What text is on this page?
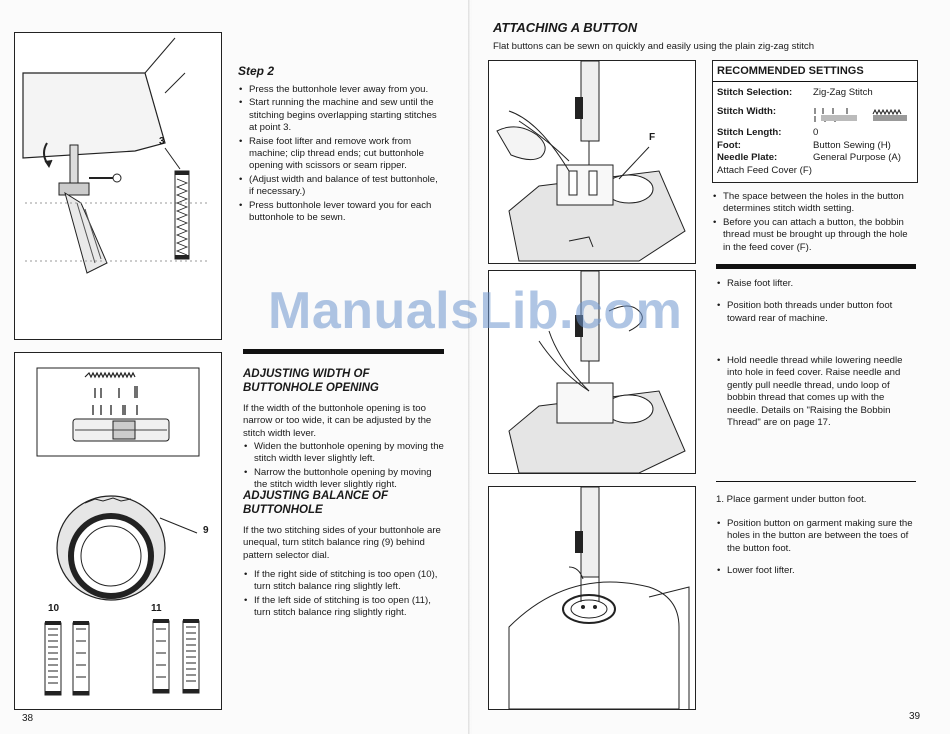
3
9
10	11
Step 2
• Press the buttonhole lever away from you.
• Start running the machine and sew until the stitching begins overlapping starting stitches at point 3.
• Raise foot lifter and remove work from machine; clip thread ends; cut buttonhole opening with scissors or seam ripper.
• (Adjust width and balance of test buttonhole, if necessary.)
• Press buttonhole lever toward you for each buttonhole to be sewn.
ADJUSTING WIDTH OF
BUTTONHOLE OPENING
If the width of the buttonhole opening is too narrow or too wide, it can be adjusted by the stitch width lever.
• Widen the buttonhole opening by moving the stitch width lever slightly left.
• Narrow the buttonhole opening by moving the stitch width lever slightly right.
ADJUSTING BALANCE OF
BUTTONHOLE
If the two stitching sides of your buttonhole are unequal, turn stitch balance ring (9) behind pattern selector dial.
• If the right side of stitching is too open (10), turn stitch balance ring slightly left.
• If the left side of stitching is too open (11), turn stitch balance ring slightly right.
38
ATTACHING A BUTTON
Flat buttons can be sewn on quickly and easily using the plain zig-zag stitch
F
RECOMMENDED SETTINGS
Stitch Selection:	Zig-Zag Stitch
Stitch Width:
Stitch Length:	0
Foot:	Button Sewing (H)
Needle Plate:	General Purpose (A)
Attach Feed Cover (F)
• The space between the holes in the button determines stitch width setting.
• Before you can attach a button, the bobbin thread must be brought up through the hole in the feed cover (F).
• Raise foot lifter.
• Position both threads under button foot toward rear of machine.
• Hold needle thread while lowering needle into hole in feed cover. Raise needle and gently pull needle thread, undo loop of bobbin thread that comes up with the needle. Details on "Raising the Bobbin Thread" are on page 17.
1. Place garment under button foot.
• Position button on garment making sure the holes in the button are between the toes of the button foot.
• Lower foot lifter.
39
ManualsLib.com
